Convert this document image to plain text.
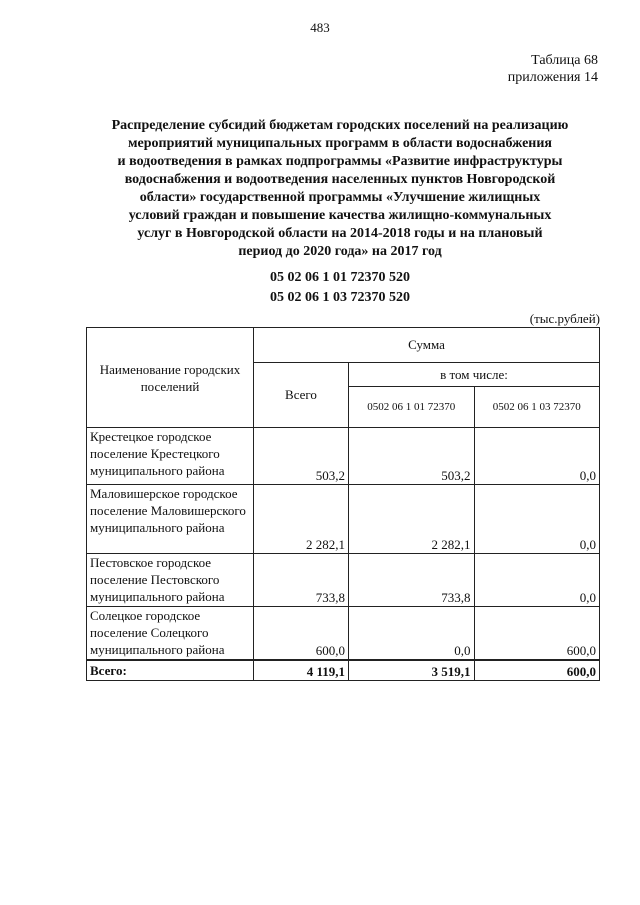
483
Таблица 68
приложения 14
Распределение субсидий бюджетам городских поселений на реализацию
мероприятий муниципальных программ в области водоснабжения
и водоотведения в рамках подпрограммы «Развитие инфраструктуры
водоснабжения и водоотведения населенных пунктов Новгородской
области» государственной программы «Улучшение жилищных
условий граждан и повышение качества жилищно-коммунальных
услуг в Новгородской области на 2014-2018 годы и на плановый
период до 2020 года» на 2017 год
05 02 06 1 01 72370 520
05 02 06 1 03 72370 520
(тыс.рублей)
Наименование городских поселений	Сумма		
	Всего	в том числе:	
		0502 06 1 01 72370	0502 06 1 03 72370
Крестецкое городское поселение Крестецкого муниципального района	503,2	503,2	0,0
Маловишерское городское поселение Маловишерского муниципального района	2 282,1	2 282,1	0,0
Пестовское городское поселение Пестовского муниципального района	733,8	733,8	0,0
Солецкое городское поселение Солецкого муниципального района	600,0	0,0	600,0
Всего:	4 119,1	3 519,1	600,0
